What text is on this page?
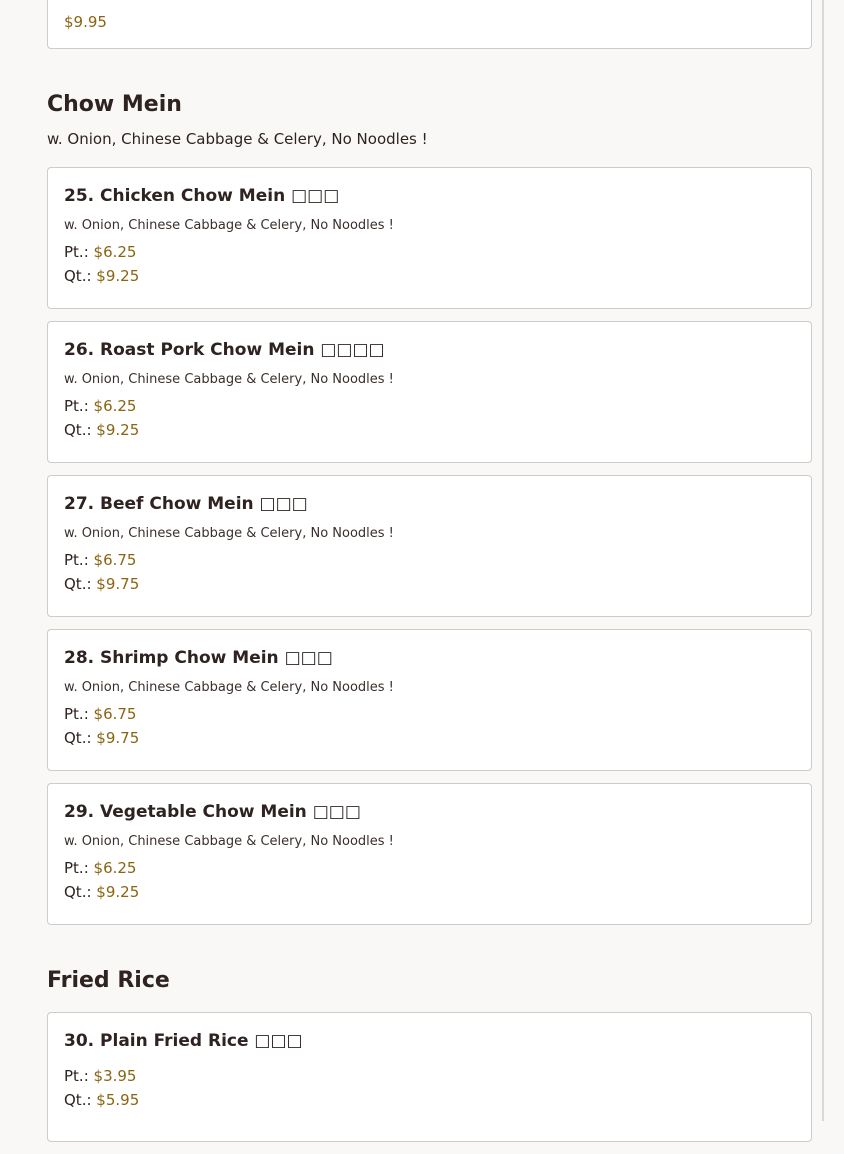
$9.95
Chow Mein
w. Onion, Chinese Cabbage & Celery, No Noodles !
25. Chicken Chow Mein □□□
w. Onion, Chinese Cabbage & Celery, No Noodles !
Pt.: $6.25
Qt.: $9.25
26. Roast Pork Chow Mein □□□□
w. Onion, Chinese Cabbage & Celery, No Noodles !
Pt.: $6.25
Qt.: $9.25
27. Beef Chow Mein □□□
w. Onion, Chinese Cabbage & Celery, No Noodles !
Pt.: $6.75
Qt.: $9.75
28. Shrimp Chow Mein □□□
w. Onion, Chinese Cabbage & Celery, No Noodles !
Pt.: $6.75
Qt.: $9.75
29. Vegetable Chow Mein □□□
w. Onion, Chinese Cabbage & Celery, No Noodles !
Pt.: $6.25
Qt.: $9.25
Fried Rice
30. Plain Fried Rice □□□
Pt.: $3.95
Qt.: $5.95
